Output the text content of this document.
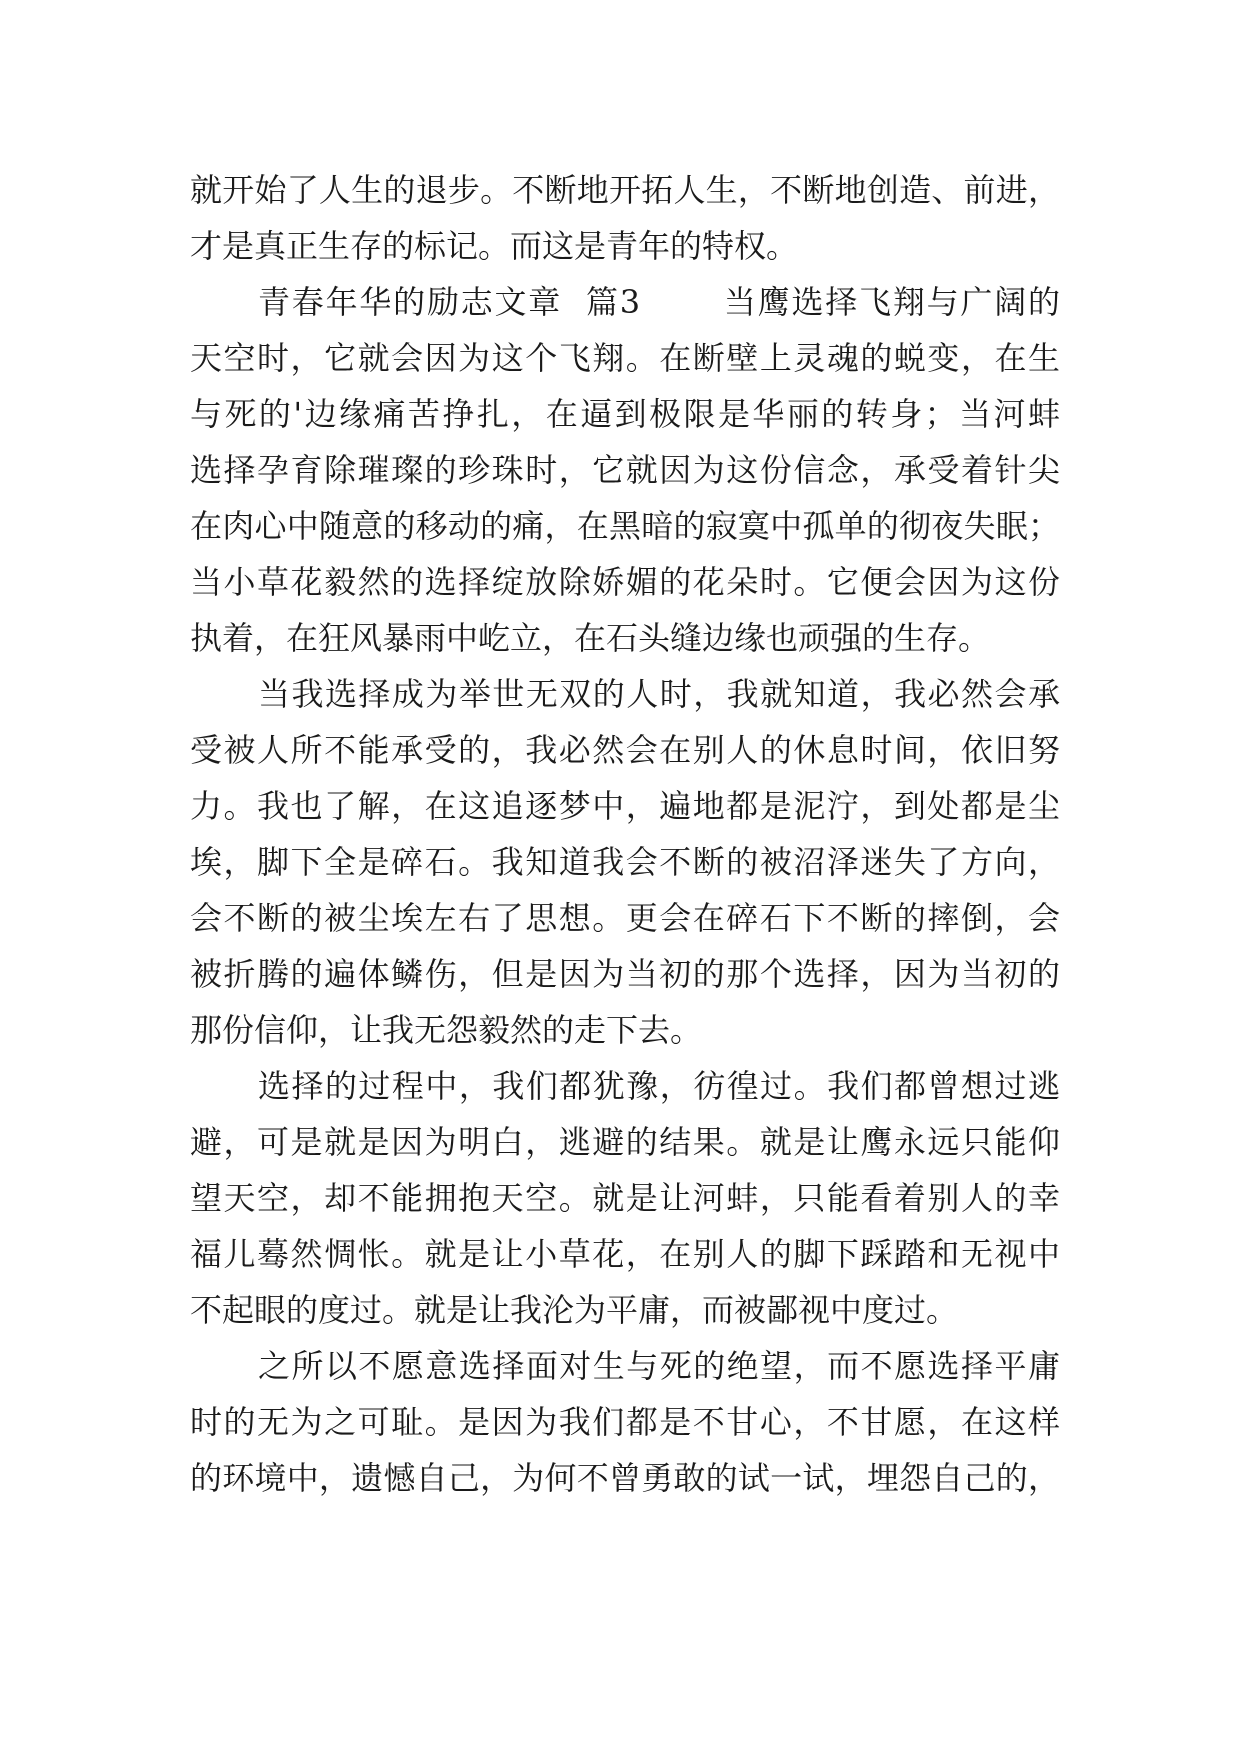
就开始了人生的退步。不断地开拓人生，不断地创造、前进，
才是真正生存的标记。而这是青年的特权。
青春年华的励志文章  篇3       当鹰选择飞翔与广阔的
天空时，它就会因为这个飞翔。在断壁上灵魂的蜕变，在生
与死的'边缘痛苦挣扎，在逼到极限是华丽的转身；当河蚌
选择孕育除璀璨的珍珠时，它就因为这份信念，承受着针尖
在肉心中随意的移动的痛，在黑暗的寂寞中孤单的彻夜失眠；
当小草花毅然的选择绽放除娇媚的花朵时。它便会因为这份
执着，在狂风暴雨中屹立，在石头缝边缘也顽强的生存。
当我选择成为举世无双的人时，我就知道，我必然会承
受被人所不能承受的，我必然会在别人的休息时间，依旧努
力。我也了解，在这追逐梦中，遍地都是泥泞，到处都是尘
埃，脚下全是碎石。我知道我会不断的被沼泽迷失了方向，
会不断的被尘埃左右了思想。更会在碎石下不断的摔倒，会
被折腾的遍体鳞伤，但是因为当初的那个选择，因为当初的
那份信仰，让我无怨毅然的走下去。
选择的过程中，我们都犹豫，彷徨过。我们都曾想过逃
避，可是就是因为明白，逃避的结果。就是让鹰永远只能仰
望天空，却不能拥抱天空。就是让河蚌，只能看着别人的幸
福儿蓦然惆怅。就是让小草花，在别人的脚下踩踏和无视中
不起眼的度过。就是让我沦为平庸，而被鄙视中度过。
之所以不愿意选择面对生与死的绝望，而不愿选择平庸
时的无为之可耻。是因为我们都是不甘心，不甘愿，在这样
的环境中，遗憾自己，为何不曾勇敢的试一试，埋怨自己的，
